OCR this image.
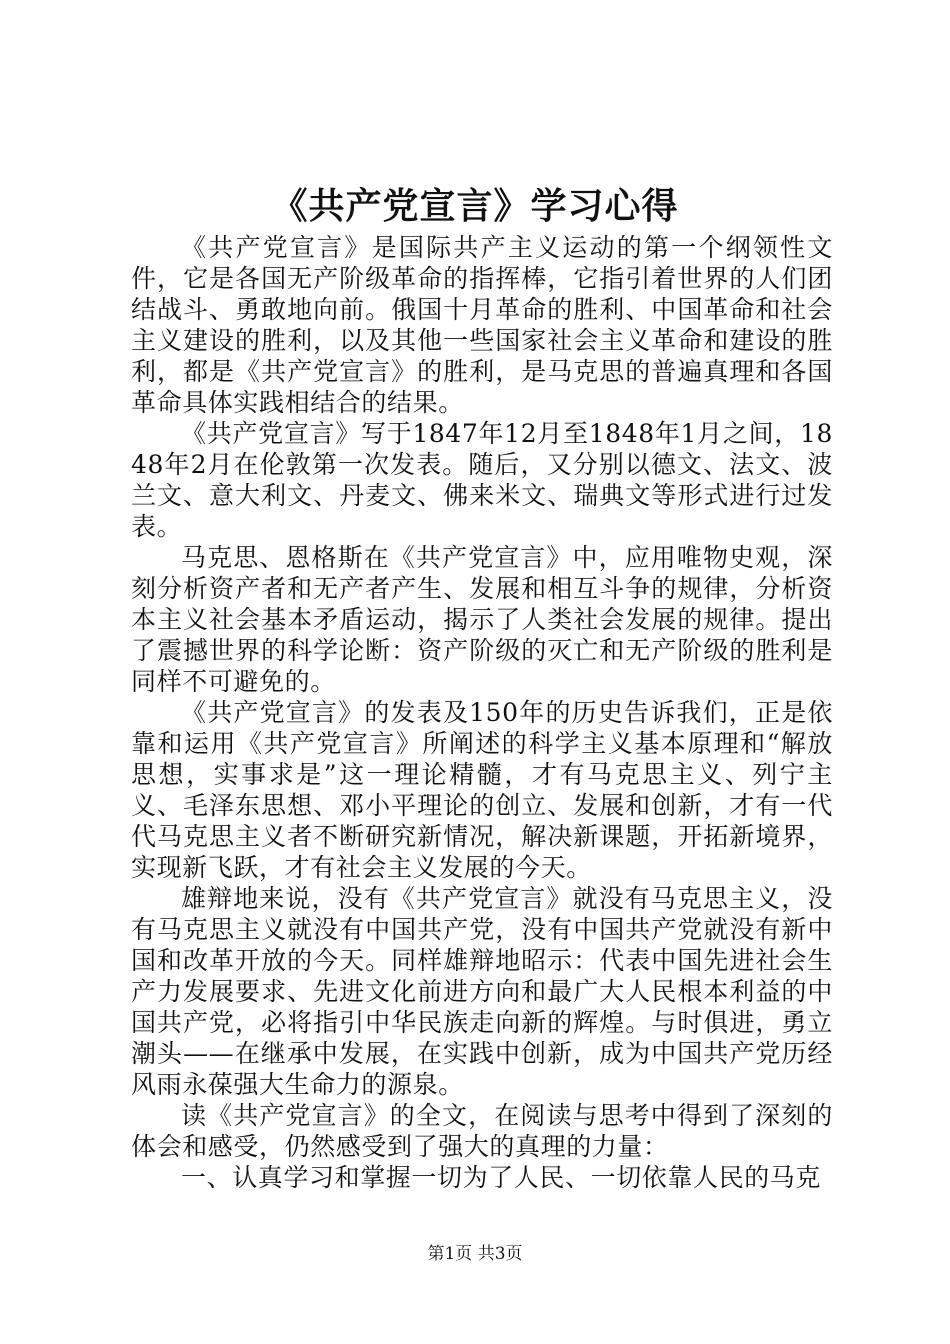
《共产党宣言》学习心得

《共产党宣言》是国际共产主义运动的第一个纲领性文件，它是各国无产阶级革命的指挥棒，它指引着世界的人们团结战斗、勇敢地向前。俄国十月革命的胜利、中国革命和社会主义建设的胜利，以及其他一些国家社会主义革命和建设的胜利，都是《共产党宣言》的胜利，是马克思的普遍真理和各国革命具体实践相结合的结果。

《共产党宣言》写于1847年12月至1848年1月之间，1848年2月在伦敦第一次发表。随后，又分别以德文、法文、波兰文、意大利文、丹麦文、佛来米文、瑞典文等形式进行过发表。

马克思、恩格斯在《共产党宣言》中，应用唯物史观，深刻分析资产者和无产者产生、发展和相互斗争的规律，分析资本主义社会基本矛盾运动，揭示了人类社会发展的规律。提出了震撼世界的科学论断：资产阶级的灭亡和无产阶级的胜利是同样不可避免的。

《共产党宣言》的发表及150年的历史告诉我们，正是依靠和运用《共产党宣言》所阐述的科学主义基本原理和“解放思想，实事求是”这一理论精髓，才有马克思主义、列宁主义、毛泽东思想、邓小平理论的创立、发展和创新，才有一代代马克思主义者不断研究新情况，解决新课题，开拓新境界，实现新飞跃，才有社会主义发展的今天。

雄辩地来说，没有《共产党宣言》就没有马克思主义，没有马克思主义就没有中国共产党，没有中国共产党就没有新中国和改革开放的今天。同样雄辩地昭示：代表中国先进社会生产力发展要求、先进文化前进方向和最广大人民根本利益的中国共产党，必将指引中华民族走向新的辉煌。与时俱进，勇立潮头——在继承中发展，在实践中创新，成为中国共产党历经风雨永葆强大生命力的源泉。

读《共产党宣言》的全文，在阅读与思考中得到了深刻的体会和感受，仍然感受到了强大的真理的力量：

一、认真学习和掌握一切为了人民、一切依靠人民的马克

第1页 共3页
